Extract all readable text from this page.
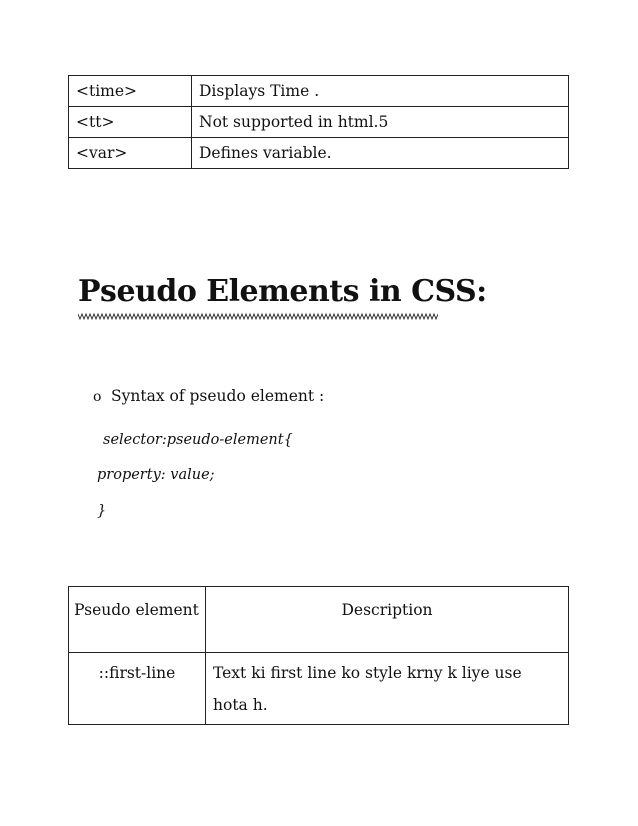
<time>	Displays Time .
<tt>	Not supported in html.5
<var>	Defines variable.
Pseudo Elements in CSS:
o Syntax of pseudo element :
selector:pseudo-element{
property: value;
}
Pseudo element	Description
::first-line	Text ki first line ko style krny k liye use hota h.
